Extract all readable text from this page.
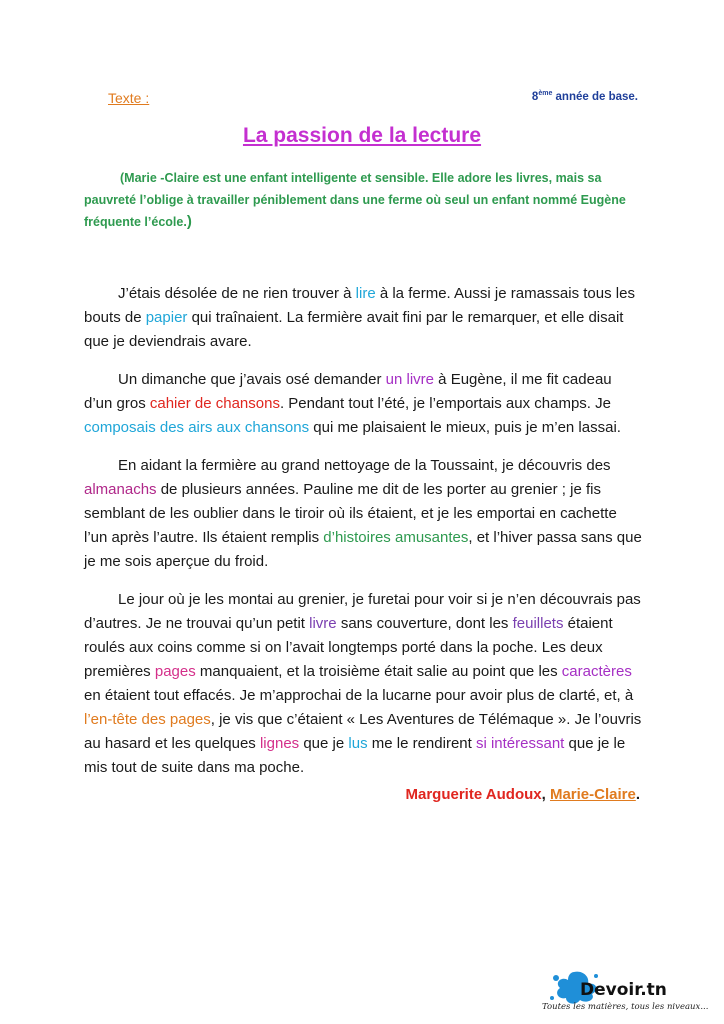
Texte :	8ème année de base.
La passion de la lecture
(Marie -Claire est une enfant intelligente et sensible. Elle adore les livres, mais sa pauvreté l’oblige à travailler péniblement dans une ferme où seul un enfant nommé Eugène fréquente l’école.)

J’étais désolée de ne rien trouver à lire à la ferme. Aussi je ramassais tous les bouts de papier qui traînaient. La fermière avait fini par le remarquer, et elle disait que je deviendrais avare.

Un dimanche que j’avais osé demander un livre à Eugène, il me fit cadeau d’un gros cahier de chansons. Pendant tout l’été, je l’emportais aux champs. Je composais des airs aux chansons qui me plaisaient le mieux, puis je m’en lassai.

En aidant la fermière au grand nettoyage de la Toussaint, je découvris des almanachs de plusieurs années. Pauline me dit de les porter au grenier ; je fis semblant de les oublier dans le tiroir où ils étaient, et je les emportai en cachette l’un après l’autre. Ils étaient remplis d’histoires amusantes, et l’hiver passa sans que je me sois aperçue du froid.

Le jour où je les montai au grenier, je furetai pour voir si je n’en découvrais pas d’autres. Je ne trouvai qu’un petit livre sans couverture, dont les feuillets étaient roulés aux coins comme si on l’avait longtemps porté dans la poche. Les deux premières pages manquaient, et la troisième était salie au point que les caractères en étaient tout effacés. Je m’approchai de la lucarne pour avoir plus de clarté, et, à l’en-tête des pages, je vis que c’étaient « Les Aventures de Télémaque ». Je l’ouvris au hasard et les quelques lignes que je lus me le rendirent si intéressant que je le mis tout de suite dans ma poche.

Marguerite Audoux, Marie-Claire.
Devoir.tn
Toutes les matières, tous les niveaux...
